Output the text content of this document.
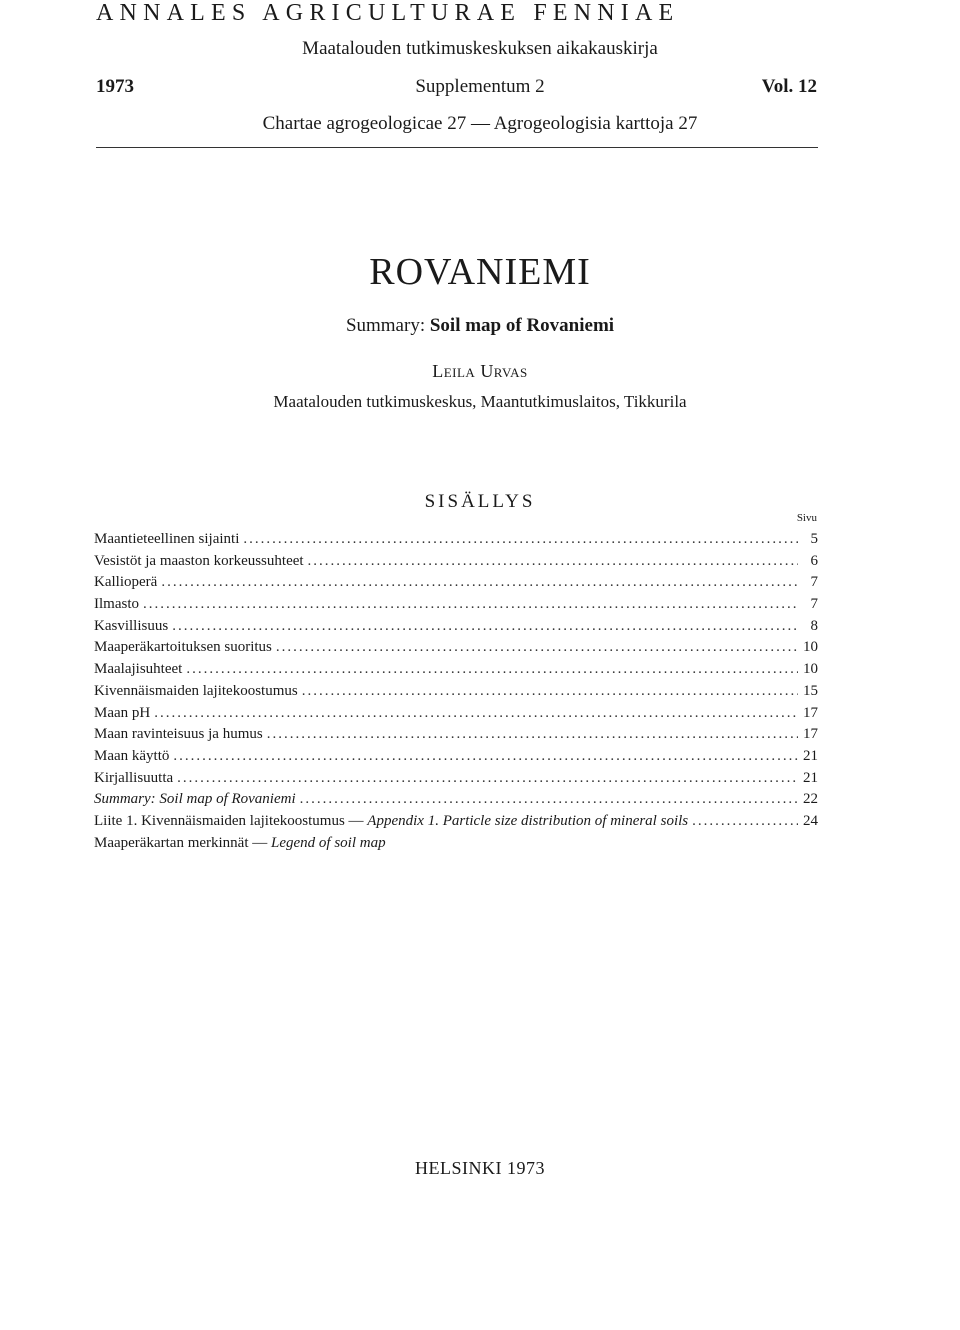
ANNALES AGRICULTURAE FENNIAE
Maatalouden tutkimuskeskuksen aikakauskirja
1973	Supplementum 2	Vol. 12
Chartae agrogeologicae 27 — Agrogeologisia karttoja 27
ROVANIEMI
Summary: Soil map of Rovaniemi
Leila Urvas
Maatalouden tutkimuskeskus, Maantutkimuslaitos, Tikkurila
SISÄLLYS
Sivu
Maantieteellinen sijainti .....	5
Vesistöt ja maaston korkeussuhteet .....	6
Kallioperä .....	7
Ilmasto .....	7
Kasvillisuus .....	8
Maaperäkartoituksen suoritus .....	10
Maalajisuhteet .....	10
Kivennäismaiden lajitekoostumus .....	15
Maan pH .....	17
Maan ravinteisuus ja humus .....	17
Maan käyttö .....	21
Kirjallisuutta .....	21
Summary: Soil map of Rovaniemi .....	22
Liite 1. Kivennäismaiden lajitekoostumus — Appendix 1. Particle size distribution of mineral soils .....	24
Maaperäkartan merkinnät — Legend of soil map
HELSINKI 1973
